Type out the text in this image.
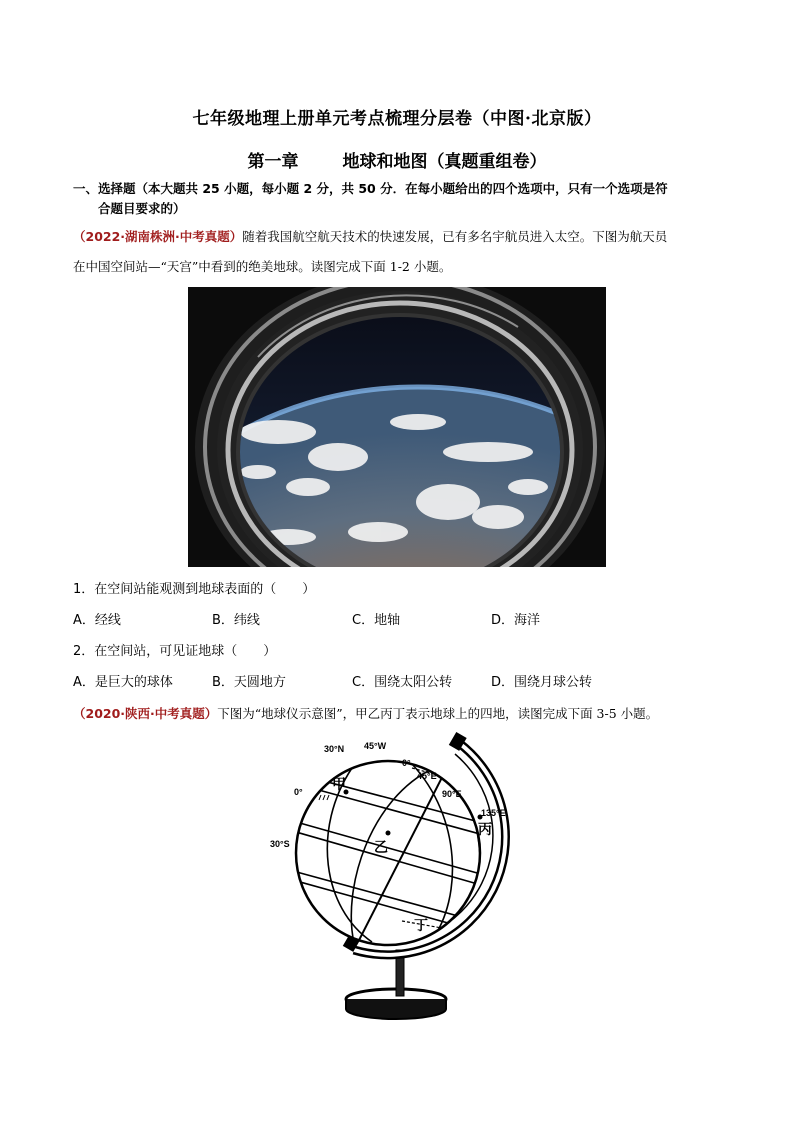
七年级地理上册单元考点梳理分层卷（中图·北京版）
第一章	地球和地图（真题重组卷）
一、选择题（本大题共 25 小题，每小题 2 分，共 50 分．在每小题给出的四个选项中，只有一个选项是符
合题目要求的）
（2022·湖南株洲·中考真题）随着我国航空航天技术的快速发展，已有多名宇航员进入太空。下图为航天员
在中国空间站—“天宫”中看到的绝美地球。读图完成下面 1-2 小题。
1．在空间站能观测到地球表面的（　　）
A．经线	B．纬线	C．地轴	D．海洋
2．在空间站，可见证地球（　　）
A．是巨大的球体	B．天圆地方	C．围绕太阳公转	D．围绕月球公转
（2020·陕西·中考真题）下图为“地球仪示意图”，甲乙丙丁表示地球上的四地，读图完成下面 3-5 小题。
30°N 45°W
0°
45°E
90°E
135°E
0°
30°S
甲
乙
丙
丁
